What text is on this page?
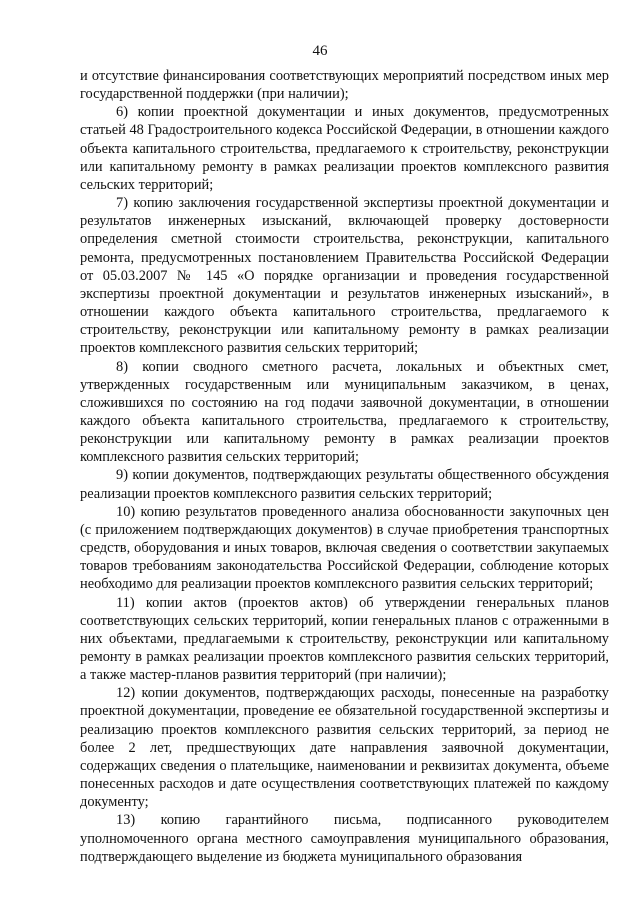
46

и отсутствие финансирования соответствующих мероприятий посредством иных мер государственной поддержки (при наличии);

6) копии проектной документации и иных документов, предусмотренных статьей 48 Градостроительного кодекса Российской Федерации, в отношении каждого объекта капитального строительства, предлагаемого к строительству, реконструкции или капитальному ремонту в рамках реализации проектов комплексного развития сельских территорий;

7) копию заключения государственной экспертизы проектной документации и результатов инженерных изысканий, включающей проверку достоверности определения сметной стоимости строительства, реконструкции, капитального ремонта, предусмотренных постановлением Правительства Российской Федерации от 05.03.2007 № 145 «О порядке организации и проведения государственной экспертизы проектной документации и результатов инженерных изысканий», в отношении каждого объекта капитального строительства, предлагаемого к строительству, реконструкции или капитальному ремонту в рамках реализации проектов комплексного развития сельских территорий;

8) копии сводного сметного расчета, локальных и объектных смет, утвержденных государственным или муниципальным заказчиком, в ценах, сложившихся по состоянию на год подачи заявочной документации, в отношении каждого объекта капитального строительства, предлагаемого к строительству, реконструкции или капитальному ремонту в рамках реализации проектов комплексного развития сельских территорий;

9) копии документов, подтверждающих результаты общественного обсуждения реализации проектов комплексного развития сельских территорий;

10) копию результатов проведенного анализа обоснованности закупочных цен (с приложением подтверждающих документов) в случае приобретения транспортных средств, оборудования и иных товаров, включая сведения о соответствии закупаемых товаров требованиям законодательства Российской Федерации, соблюдение которых необходимо для реализации проектов комплексного развития сельских территорий;

11) копии актов (проектов актов) об утверждении генеральных планов соответствующих сельских территорий, копии генеральных планов с отраженными в них объектами, предлагаемыми к строительству, реконструкции или капитальному ремонту в рамках реализации проектов комплексного развития сельских территорий, а также мастер-планов развития территорий (при наличии);

12) копии документов, подтверждающих расходы, понесенные на разработку проектной документации, проведение ее обязательной государственной экспертизы и реализацию проектов комплексного развития сельских территорий, за период не более 2 лет, предшествующих дате направления заявочной документации, содержащих сведения о плательщике, наименовании и реквизитах документа, объеме понесенных расходов и дате осуществления соответствующих платежей по каждому документу;

13) копию гарантийного письма, подписанного руководителем уполномоченного органа местного самоуправления муниципального образования, подтверждающего выделение из бюджета муниципального образования
